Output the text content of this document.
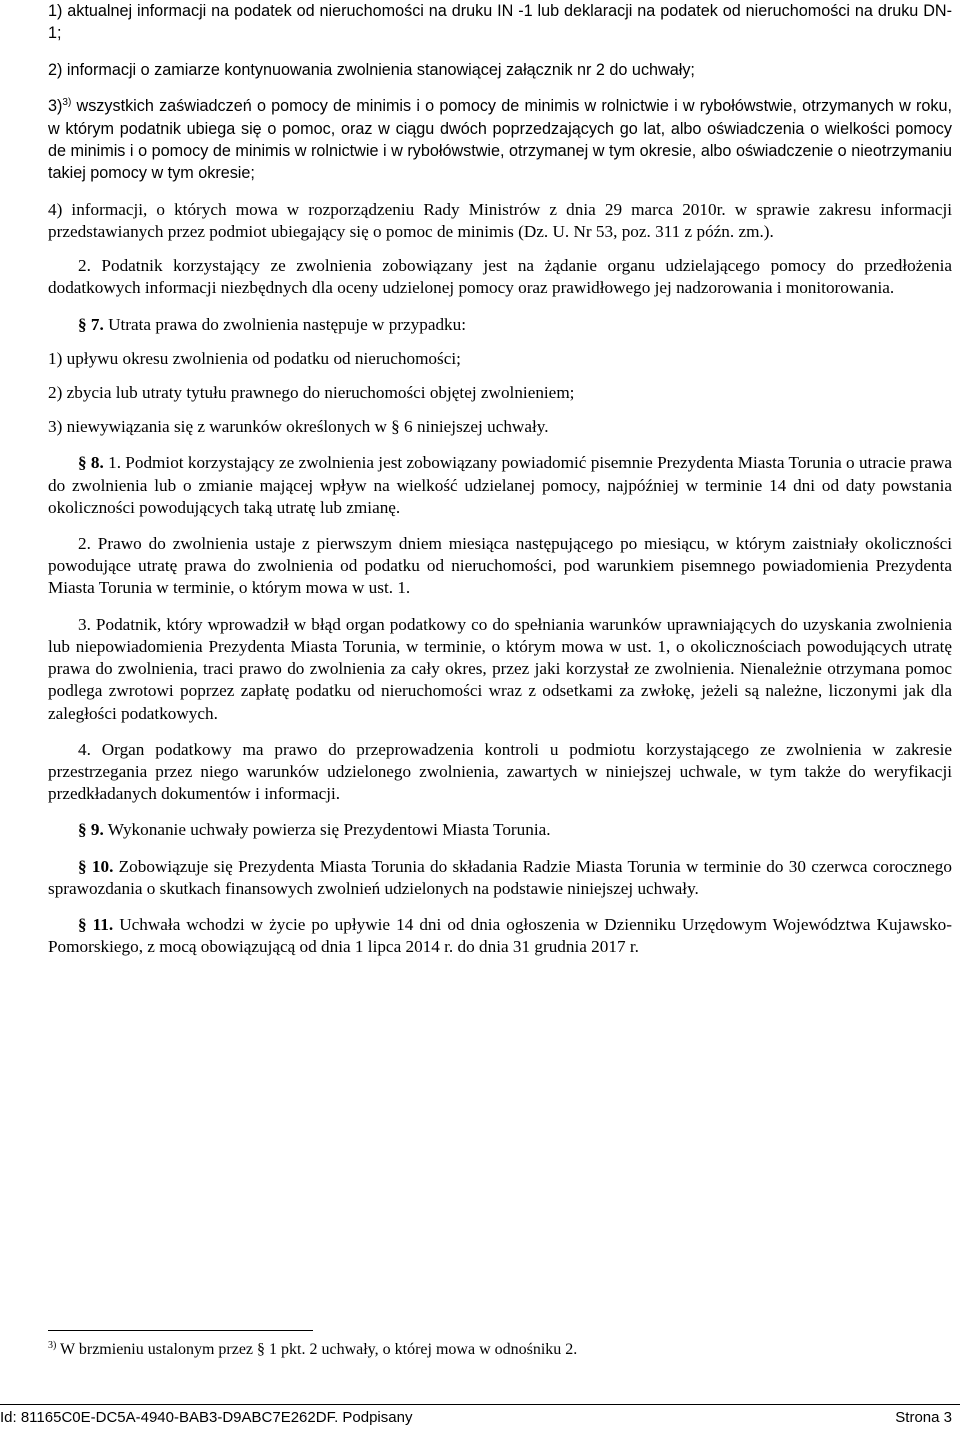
1) aktualnej informacji na podatek od nieruchomości na druku IN -1 lub deklaracji na podatek od nieruchomości na druku DN-1;

2) informacji o zamiarze kontynuowania zwolnienia stanowiącej załącznik nr 2 do uchwały;

3)$^{3)}$ wszystkich zaświadczeń o pomocy de minimis i o pomocy de minimis w rolnictwie i w rybołówstwie, otrzymanych w roku, w którym podatnik ubiega się o pomoc, oraz w ciągu dwóch poprzedzających go lat, albo oświadczenia o wielkości pomocy de minimis i o pomocy de minimis w rolnictwie i w rybołówstwie, otrzymanej w tym okresie, albo oświadczenie o nieotrzymaniu takiej pomocy w tym okresie;

4) informacji, o których mowa w rozporządzeniu Rady Ministrów z dnia 29 marca 2010r. w sprawie zakresu informacji przedstawianych przez podmiot ubiegający się o pomoc de minimis (Dz. U. Nr 53, poz. 311 z późn. zm.).

2. Podatnik korzystający ze zwolnienia zobowiązany jest na żądanie organu udzielającego pomocy do przedłożenia dodatkowych informacji niezbędnych dla oceny udzielonej pomocy oraz prawidłowego jej nadzorowania i monitorowania.

§ 7. Utrata prawa do zwolnienia następuje w przypadku:

1) upływu okresu zwolnienia od podatku od nieruchomości;

2) zbycia lub utraty tytułu prawnego do nieruchomości objętej zwolnieniem;

3) niewywiązania się z warunków określonych w § 6 niniejszej uchwały.

§ 8. 1. Podmiot korzystający ze zwolnienia jest zobowiązany powiadomić pisemnie Prezydenta Miasta Torunia o utracie prawa do zwolnienia lub o zmianie mającej wpływ na wielkość udzielanej pomocy, najpóźniej w terminie 14 dni od daty powstania okoliczności powodujących taką utratę lub zmianę.

2. Prawo do zwolnienia ustaje z pierwszym dniem miesiąca następującego po miesiącu, w którym zaistniały okoliczności powodujące utratę prawa do zwolnienia od podatku od nieruchomości, pod warunkiem pisemnego powiadomienia Prezydenta Miasta Torunia w terminie, o którym mowa w ust. 1.

3. Podatnik, który wprowadził w błąd organ podatkowy co do spełniania warunków uprawniających do uzyskania zwolnienia lub niepowiadomienia Prezydenta Miasta Torunia, w terminie, o którym mowa w ust. 1, o okolicznościach powodujących utratę prawa do zwolnienia, traci prawo do zwolnienia za cały okres, przez jaki korzystał ze zwolnienia. Nienależnie otrzymana pomoc podlega zwrotowi poprzez zapłatę podatku od nieruchomości wraz z odsetkami za zwłokę, jeżeli są należne, liczonymi jak dla zaległości podatkowych.

4. Organ podatkowy ma prawo do przeprowadzenia kontroli u podmiotu korzystającego ze zwolnienia w zakresie przestrzegania przez niego warunków udzielonego zwolnienia, zawartych w niniejszej uchwale, w tym także do weryfikacji przedkładanych dokumentów i informacji.

§ 9. Wykonanie uchwały powierza się Prezydentowi Miasta Torunia.

§ 10. Zobowiązuje się Prezydenta Miasta Torunia do składania Radzie Miasta Torunia w terminie do 30 czerwca corocznego sprawozdania o skutkach finansowych zwolnień udzielonych na podstawie niniejszej uchwały.

§ 11. Uchwała wchodzi w życie po upływie 14 dni od dnia ogłoszenia w Dzienniku Urzędowym Województwa Kujawsko-Pomorskiego, z mocą obowiązującą od dnia 1 lipca 2014 r. do dnia 31 grudnia 2017 r.

$^{3)}$ W brzmieniu ustalonym przez § 1 pkt. 2 uchwały, o której mowa w odnośniku 2.

Id: 81165C0E-DC5A-4940-BAB3-D9ABC7E262DF. Podpisany	Strona 3
